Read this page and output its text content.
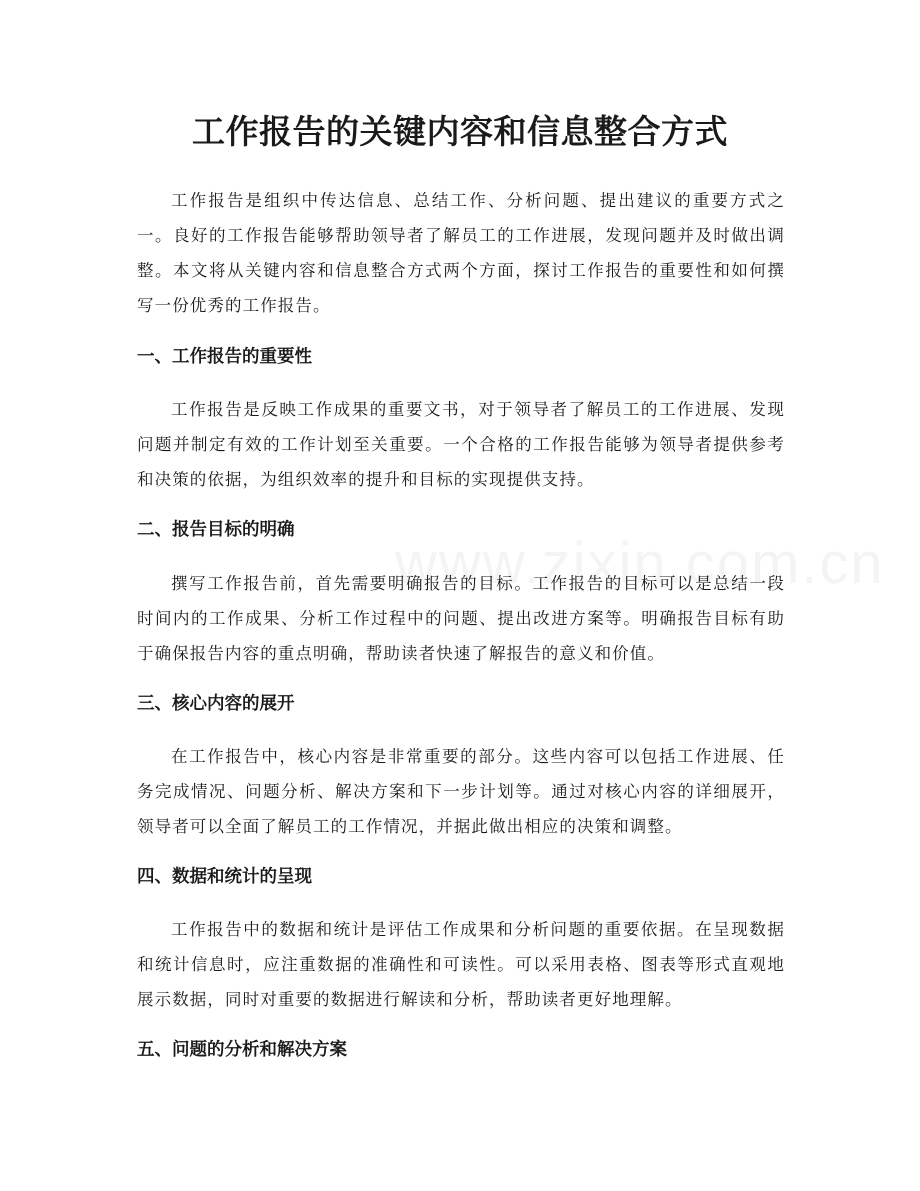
工作报告的关键内容和信息整合方式

工作报告是组织中传达信息、总结工作、分析问题、提出建议的重要方式之一。良好的工作报告能够帮助领导者了解员工的工作进展，发现问题并及时做出调整。本文将从关键内容和信息整合方式两个方面，探讨工作报告的重要性和如何撰写一份优秀的工作报告。

一、工作报告的重要性

工作报告是反映工作成果的重要文书，对于领导者了解员工的工作进展、发现问题并制定有效的工作计划至关重要。一个合格的工作报告能够为领导者提供参考和决策的依据，为组织效率的提升和目标的实现提供支持。

二、报告目标的明确

撰写工作报告前，首先需要明确报告的目标。工作报告的目标可以是总结一段时间内的工作成果、分析工作过程中的问题、提出改进方案等。明确报告目标有助于确保报告内容的重点明确，帮助读者快速了解报告的意义和价值。

三、核心内容的展开

在工作报告中，核心内容是非常重要的部分。这些内容可以包括工作进展、任务完成情况、问题分析、解决方案和下一步计划等。通过对核心内容的详细展开，领导者可以全面了解员工的工作情况，并据此做出相应的决策和调整。

四、数据和统计的呈现

工作报告中的数据和统计是评估工作成果和分析问题的重要依据。在呈现数据和统计信息时，应注重数据的准确性和可读性。可以采用表格、图表等形式直观地展示数据，同时对重要的数据进行解读和分析，帮助读者更好地理解。

五、问题的分析和解决方案
